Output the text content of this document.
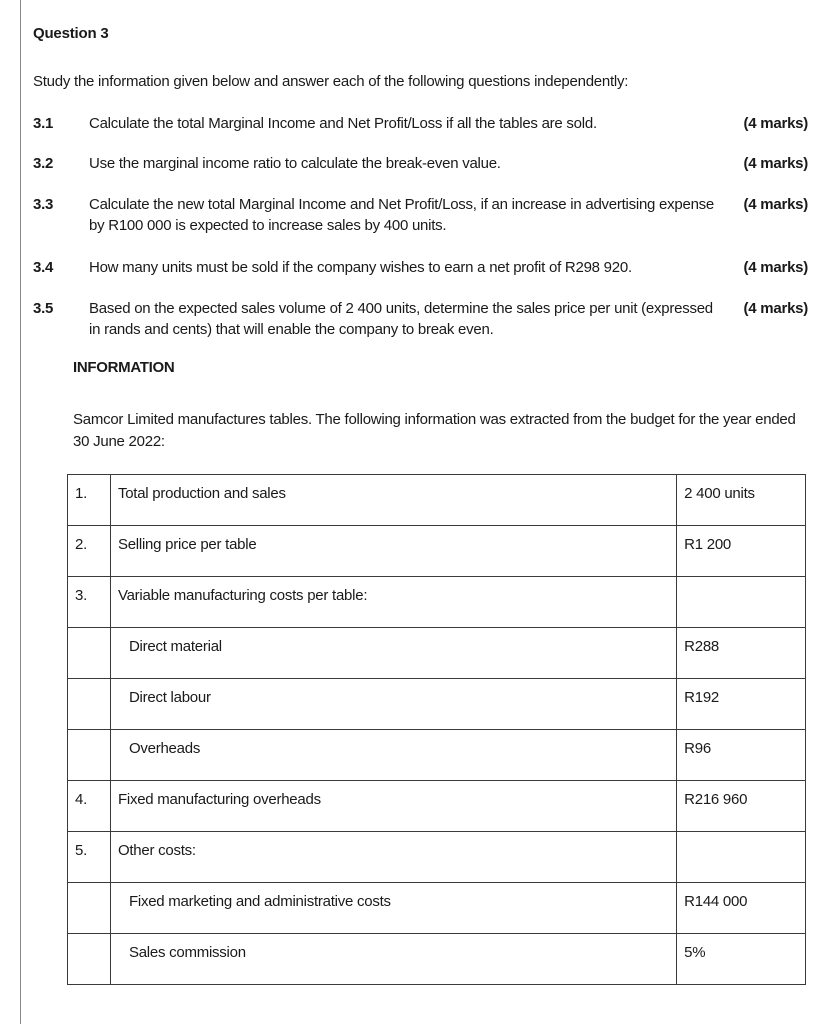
Question 3
Study the information given below and answer each of the following questions independently:
3.1 Calculate the total Marginal Income and Net Profit/Loss if all the tables are sold.	(4 marks)
3.2 Use the marginal income ratio to calculate the break-even value.	(4 marks)
3.3 Calculate the new total Marginal Income and Net Profit/Loss, if an increase in advertising expense by R100 000 is expected to increase sales by 400 units.
(4 marks)
3.4 How many units must be sold if the company wishes to earn a net profit of R298 920.	(4 marks)
3.5 Based on the expected sales volume of 2 400 units, determine the sales price per unit (expressed in rands and cents) that will enable the company to break even.
(4 marks)
INFORMATION
Samcor Limited manufactures tables. The following information was extracted from the budget for the year ended 30 June 2022:
1.	Total production and sales	2 400 units
2.	Selling price per table	R1 200
3.	Variable manufacturing costs per table:	
	Direct material	R288
	Direct labour	R192
	Overheads	R96
4.	Fixed manufacturing overheads	R216 960
5.	Other costs:	
	Fixed marketing and administrative costs	R144 000
	Sales commission	5%
